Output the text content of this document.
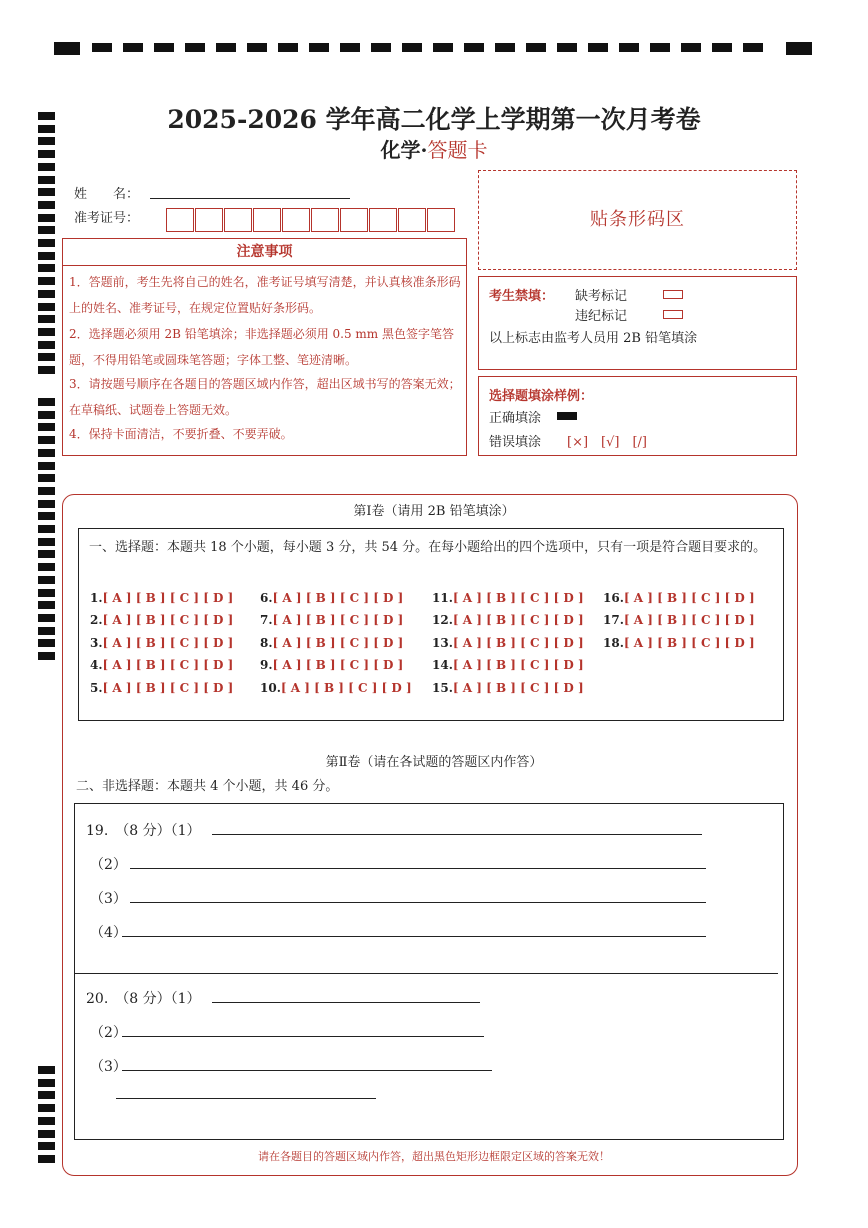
2025-2026 学年高二化学上学期第一次月考卷
化学·答题卡
姓　　名：
准考证号：
注意事项
1．答题前，考生先将自己的姓名，准考证号填写清楚，并认真核准条形码上的姓名、准考证号，在规定位置贴好条形码。
2．选择题必须用 2B 铅笔填涂；非选择题必须用 0.5 mm 黑色签字笔答题，不得用铅笔或圆珠笔答题；字体工整、笔迹清晰。
3．请按题号顺序在各题目的答题区域内作答，超出区域书写的答案无效；在草稿纸、试题卷上答题无效。
4．保持卡面清洁，不要折叠、不要弄破。
贴条形码区
考生禁填： 缺考标记
违纪标记
以上标志由监考人员用 2B 铅笔填涂
选择题填涂样例：
正确填涂
错误填涂 [×]　[√]　[/]
第Ⅰ卷（请用 2B 铅笔填涂）
一、选择题：本题共 18 个小题，每小题 3 分，共 54 分。在每小题给出的四个选项中，只有一项是符合题目要求的。
1.[ A ] [ B ] [ C ] [ D ]
2.[ A ] [ B ] [ C ] [ D ]
3.[ A ] [ B ] [ C ] [ D ]
4.[ A ] [ B ] [ C ] [ D ]
5.[ A ] [ B ] [ C ] [ D ]
6.[ A ] [ B ] [ C ] [ D ]
7.[ A ] [ B ] [ C ] [ D ]
8.[ A ] [ B ] [ C ] [ D ]
9.[ A ] [ B ] [ C ] [ D ]
10.[ A ] [ B ] [ C ] [ D ]
11.[ A ] [ B ] [ C ] [ D ]
12.[ A ] [ B ] [ C ] [ D ]
13.[ A ] [ B ] [ C ] [ D ]
14.[ A ] [ B ] [ C ] [ D ]
15.[ A ] [ B ] [ C ] [ D ]
16.[ A ] [ B ] [ C ] [ D ]
17.[ A ] [ B ] [ C ] [ D ]
18.[ A ] [ B ] [ C ] [ D ]
第Ⅱ卷（请在各试题的答题区内作答）
二、非选择题：本题共 4 个小题，共 46 分。
19.　（8 分）（1）
（2）
（3）
（4）
20.　（8 分）（1）
（2）
（3）
请在各题目的答题区域内作答，超出黑色矩形边框限定区域的答案无效！
